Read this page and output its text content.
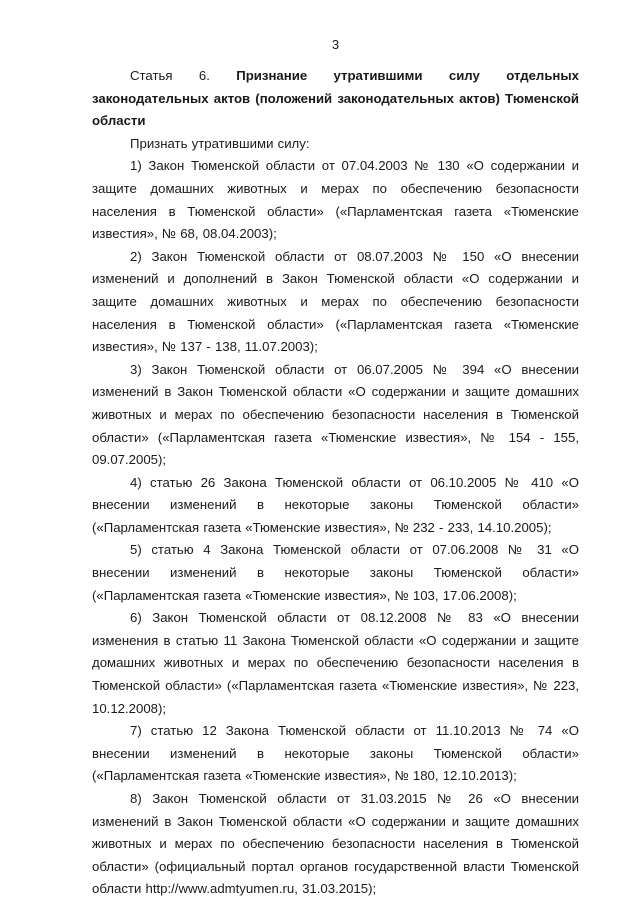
3

Статья 6. Признание утратившими силу отдельных законодательных актов (положений законодательных актов) Тюменской области

Признать утратившими силу:

1) Закон Тюменской области от 07.04.2003 № 130 «О содержании и защите домашних животных и мерах по обеспечению безопасности населения в Тюменской области» («Парламентская газета «Тюменские известия», № 68, 08.04.2003);

2) Закон Тюменской области от 08.07.2003 № 150 «О внесении изменений и дополнений в Закон Тюменской области «О содержании и защите домашних животных и мерах по обеспечению безопасности населения в Тюменской области» («Парламентская газета «Тюменские известия», № 137 - 138, 11.07.2003);

3) Закон Тюменской области от 06.07.2005 № 394 «О внесении изменений в Закон Тюменской области «О содержании и защите домашних животных и мерах по обеспечению безопасности населения в Тюменской области» («Парламентская газета «Тюменские известия», № 154 - 155, 09.07.2005);

4) статью 26 Закона Тюменской области от 06.10.2005 № 410 «О внесении изменений в некоторые законы Тюменской области» («Парламентская газета «Тюменские известия», № 232 - 233, 14.10.2005);

5) статью 4 Закона Тюменской области от 07.06.2008 № 31 «О внесении изменений в некоторые законы Тюменской области» («Парламентская газета «Тюменские известия», № 103, 17.06.2008);

6) Закон Тюменской области от 08.12.2008 № 83 «О внесении изменения в статью 11 Закона Тюменской области «О содержании и защите домашних животных и мерах по обеспечению безопасности населения в Тюменской области» («Парламентская газета «Тюменские известия», № 223, 10.12.2008);

7) статью 12 Закона Тюменской области от 11.10.2013 № 74 «О внесении изменений в некоторые законы Тюменской области» («Парламентская газета «Тюменские известия», № 180, 12.10.2013);

8) Закон Тюменской области от 31.03.2015 № 26 «О внесении изменений в Закон Тюменской области «О содержании и защите домашних животных и мерах по обеспечению безопасности населения в Тюменской области» (официальный портал органов государственной власти Тюменской области http://www.admtyumen.ru, 31.03.2015);
